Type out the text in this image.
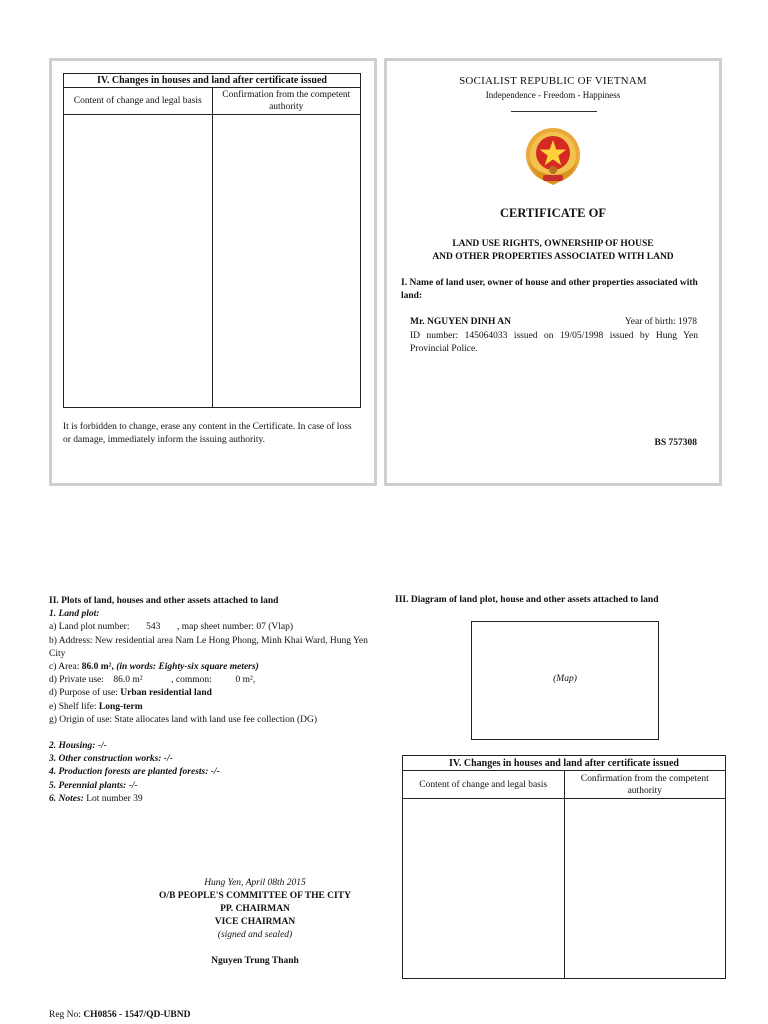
IV. Changes in houses and land after certificate issued	
Content of change and legal basis	Confirmation from the competent authority

It is forbidden to change, erase any content in the Certificate. In case of loss or damage, immediately inform the issuing authority.
SOCIALIST REPUBLIC OF VIETNAM
Independence - Freedom - Happiness
CERTIFICATE OF
LAND USE RIGHTS, OWNERSHIP OF HOUSE
AND OTHER PROPERTIES ASSOCIATED WITH LAND
I. Name of land user, owner of house and other properties associated with land:
Mr. NGUYEN DINH AN	Year of birth: 1978
ID number: 145064033 issued on 19/05/1998 issued by Hung Yen Provincial Police.
BS 757308
II. Plots of land, houses and other assets attached to land
1. Land plot:
a) Land plot number:       543       , map sheet number: 07 (Vlap)
b) Address: New residential area Nam Le Hong Phong, Minh Khai Ward, Hung Yen City
c) Area: 86.0 m², (in words: Eighty-six square meters)
d) Private use:    86.0 m²            , common:          0 m²,
d) Purpose of use: Urban residential land
e) Shelf life: Long-term
g) Origin of use: State allocates land with land use fee collection (DG)
2. Housing: -/-
3. Other construction works: -/-
4. Production forests are planted forests: -/-
5. Perennial plants: -/-
6. Notes: Lot number 39
Hung Yen, April 08th 2015
O/B PEOPLE'S COMMITTEE OF THE CITY
PP. CHAIRMAN
VICE CHAIRMAN
(signed and sealed)
Nguyen Trung Thanh
Reg No: CH0856 - 1547/QD-UBND
III. Diagram of land plot, house and other assets attached to land
(Map)
IV. Changes in houses and land after certificate issued	
Content of change and legal basis	Confirmation from the competent authority
